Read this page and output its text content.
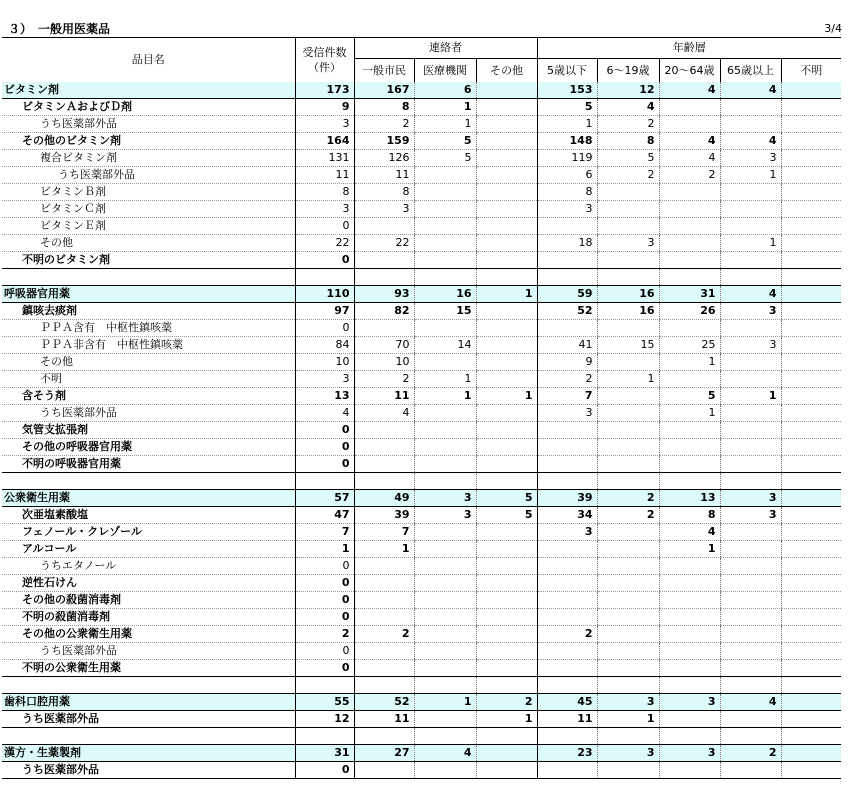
３）　一般用医薬品	3/4
品目名	受信件数
（件）	連絡者			年齢層				
		一般市民	医療機関	その他	5歳以下	6～19歳	20～64歳	65歳以上	不明
ビタミン剤	173	167	6		153	12	4	4	
ビタミンＡおよびＤ剤	9	8	1		5	4			
うち医薬部外品	3	2	1		1	2			
その他のビタミン剤	164	159	5		148	8	4	4	
複合ビタミン剤	131	126	5		119	5	4	3	
うち医薬部外品	11	11			6	2	2	1	
ビタミンＢ剤	8	8			8				
ビタミンＣ剤	3	3			3				
ビタミンＥ剤	0								
その他	22	22			18	3		1	
不明のビタミン剤	0								

呼吸器官用薬	110	93	16	1	59	16	31	4	
鎮咳去痰剤	97	82	15		52	16	26	3	
ＰＰＡ含有　中枢性鎮咳薬	0								
ＰＰＡ非含有　中枢性鎮咳薬	84	70	14		41	15	25	3	
その他	10	10			9		1		
不明	3	2	1		2	1			
含そう剤	13	11	1	1	7		5	1	
うち医薬部外品	4	4			3		1		
気管支拡張剤	0								
その他の呼吸器官用薬	0								
不明の呼吸器官用薬	0								

公衆衛生用薬	57	49	3	5	39	2	13	3	
次亜塩素酸塩	47	39	3	5	34	2	8	3	
フェノール・クレゾール	7	7			3		4		
アルコール	1	1					1		
うちエタノール	0								
逆性石けん	0								
その他の殺菌消毒剤	0								
不明の殺菌消毒剤	0								
その他の公衆衛生用薬	2	2			2				
うち医薬部外品	0								
不明の公衆衛生用薬	0								

歯科口腔用薬	55	52	1	2	45	3	3	4	
うち医薬部外品	12	11		1	11	1			

漢方・生薬製剤	31	27	4		23	3	3	2	
うち医薬部外品	0								
